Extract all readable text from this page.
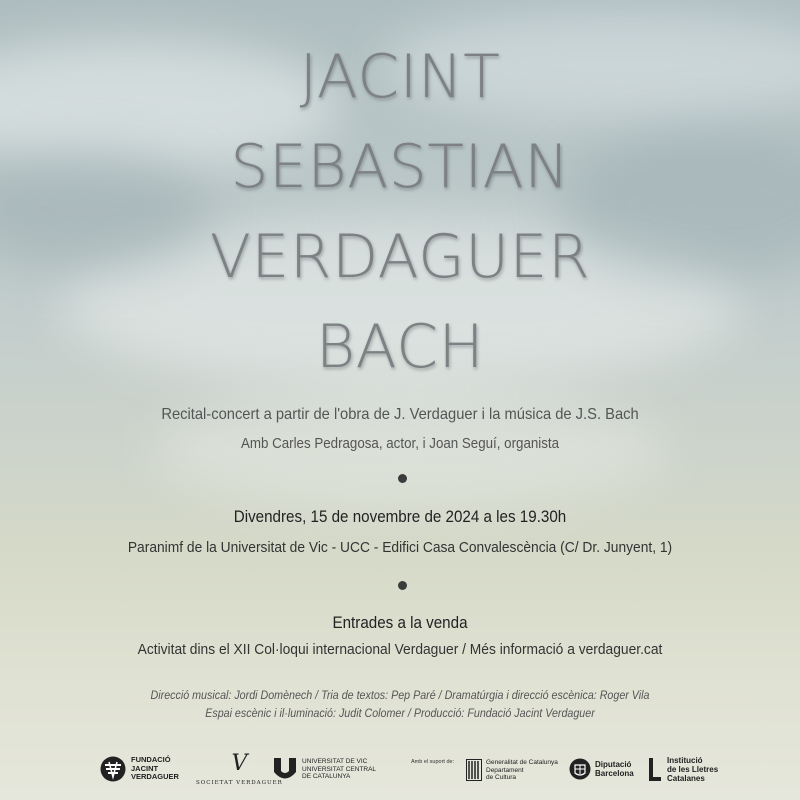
JACINT
SEBASTIAN
VERDAGUER
BACH
Recital-concert a partir de l'obra de J. Verdaguer i la música de J.S. Bach
Amb Carles Pedragosa, actor, i Joan Seguí, organista
Divendres, 15 de novembre de 2024 a les 19.30h
Paranimf de la Universitat de Vic - UCC - Edifici Casa Convalescència (C/ Dr. Junyent, 1)
Entrades a la venda
Activitat dins el XII Col·loqui internacional Verdaguer / Més informació a verdaguer.cat
Direcció musical: Jordi Domènech / Tria de textos: Pep Paré / Dramatúrgia i direcció escènica: Roger Vila
Espai escènic i il·luminació: Judit Colomer / Producció: Fundació Jacint Verdaguer
FUNDACIÓ
JACINT
VERDAGUER
V
SOCIETAT VERDAGUER
UNIVERSITAT DE VIC
UNIVERSITAT CENTRAL
DE CATALUNYA
Amb el suport de:	Generalitat de Catalunya
Departament
de Cultura
Diputació
Barcelona
Institució
de les Lletres
Catalanes
